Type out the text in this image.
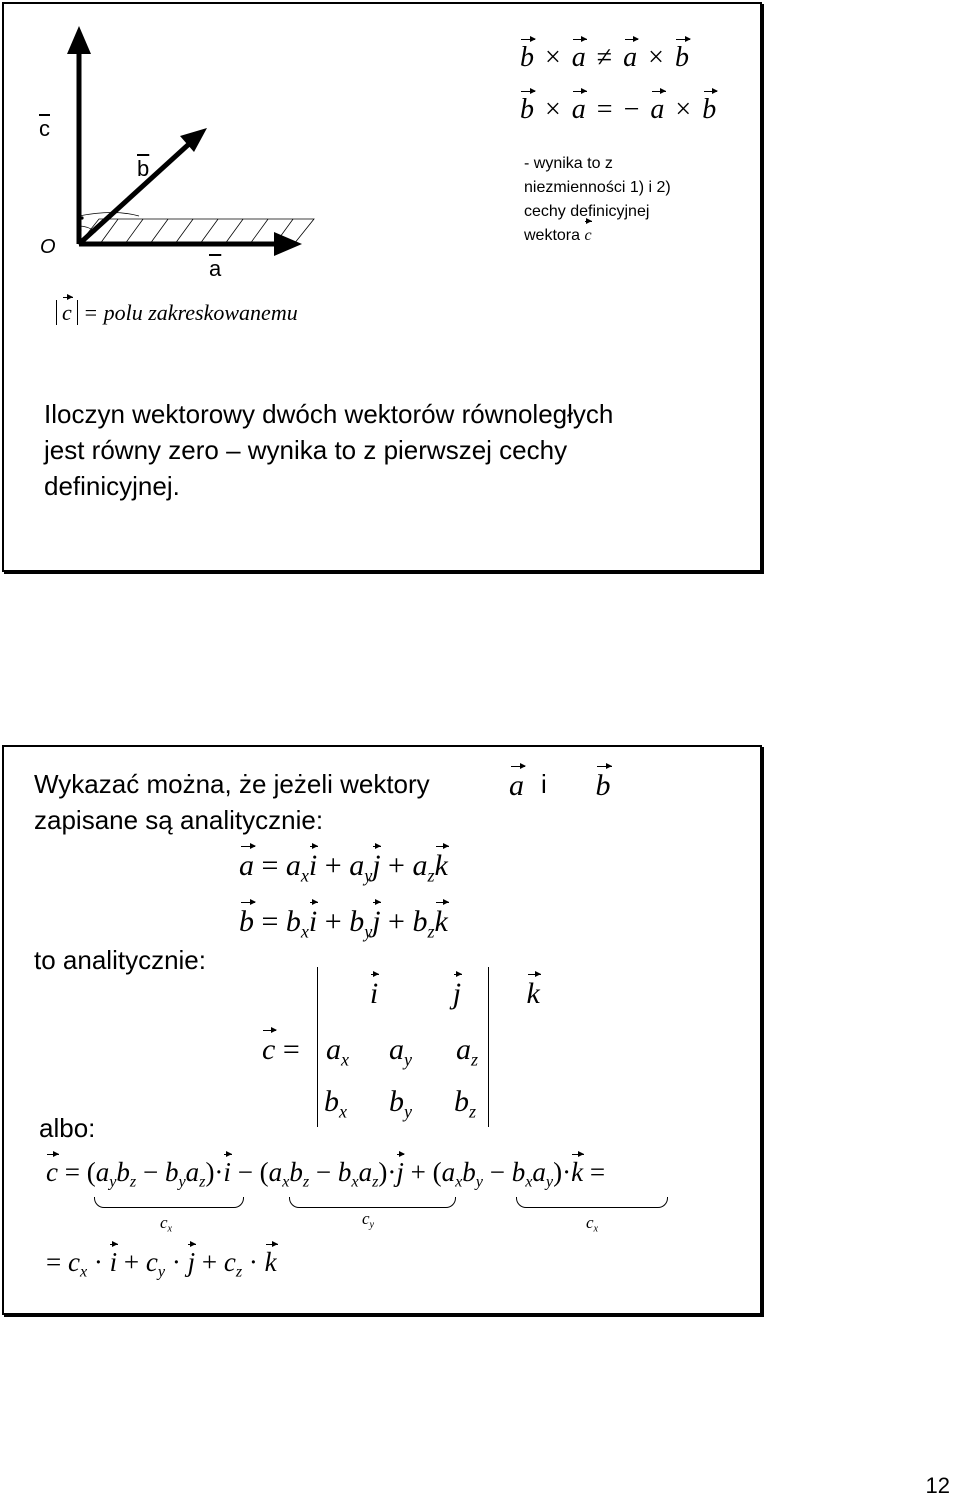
$\overline{c}$
$\overline{b}$
O
$\overline{a}$
c = polu zakreskowanemu
b × a ≠ a × b
b × a = − a × b
- wynika to z
niezmienności 1) i 2)
cechy definicyjnej
wektora c
Iloczyn wektorowy dwóch wektorów równoległych
jest równy zero – wynika to z pierwszej cechy
definicyjnej.
Wykazać można, że jeżeli wektory	a i b
zapisane są analitycznie:
$a = a_xi + a_yj + a_zk$
$b = b_xi + b_yj + b_zk$
to analitycznie:
c =
i j k
$a_x$ $a_y$ $a_z$
$b_x$ $b_y$ $b_z$
albo:
$c = (a_yb_z - b_ya_z)\cdot i - (a_xb_z - b_xa_z)\cdot j + (a_xb_y - b_xa_y)\cdot k$ =
$c_x$
$c_y$	$c_x$
= $c_x \cdot i + c_y \cdot j + c_z \cdot k$
12
